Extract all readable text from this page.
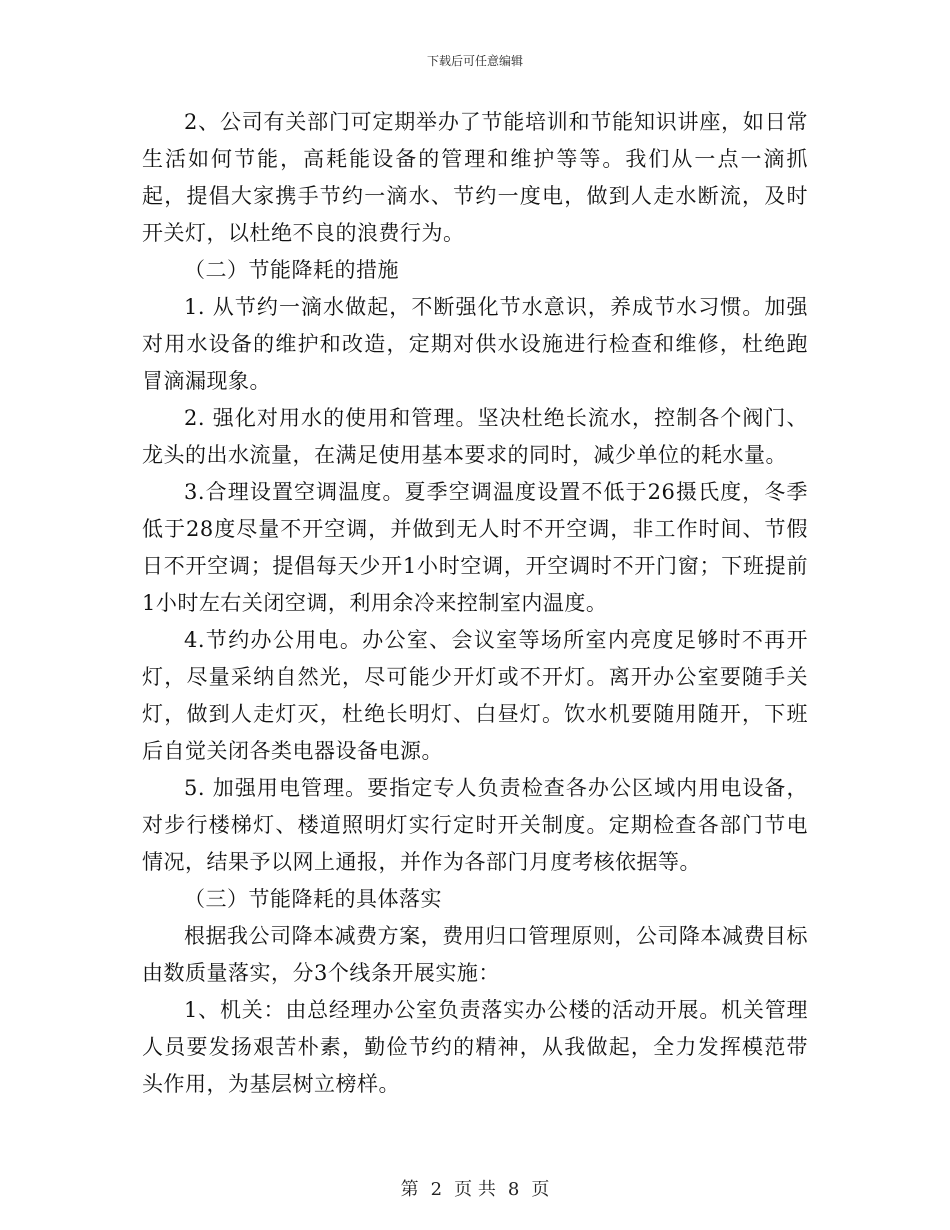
下载后可任意编辑

2、公司有关部门可定期举办了节能培训和节能知识讲座，如日常生活如何节能，高耗能设备的管理和维护等等。我们从一点一滴抓起，提倡大家携手节约一滴水、节约一度电，做到人走水断流，及时开关灯，以杜绝不良的浪费行为。

（二）节能降耗的措施

1. 从节约一滴水做起，不断强化节水意识，养成节水习惯。加强对用水设备的维护和改造，定期对供水设施进行检查和维修，杜绝跑冒滴漏现象。

2. 强化对用水的使用和管理。坚决杜绝长流水，控制各个阀门、龙头的出水流量，在满足使用基本要求的同时，减少单位的耗水量。

3.合理设置空调温度。夏季空调温度设置不低于26摄氏度，冬季低于28度尽量不开空调，并做到无人时不开空调，非工作时间、节假日不开空调；提倡每天少开1小时空调，开空调时不开门窗；下班提前1小时左右关闭空调，利用余冷来控制室内温度。

4.节约办公用电。办公室、会议室等场所室内亮度足够时不再开灯，尽量采纳自然光，尽可能少开灯或不开灯。离开办公室要随手关灯，做到人走灯灭，杜绝长明灯、白昼灯。饮水机要随用随开，下班后自觉关闭各类电器设备电源。

5. 加强用电管理。要指定专人负责检查各办公区域内用电设备，对步行楼梯灯、楼道照明灯实行定时开关制度。定期检查各部门节电情况，结果予以网上通报，并作为各部门月度考核依据等。

（三）节能降耗的具体落实

根据我公司降本减费方案，费用归口管理原则，公司降本减费目标由数质量落实，分3个线条开展实施：

1、机关：由总经理办公室负责落实办公楼的活动开展。机关管理人员要发扬艰苦朴素，勤俭节约的精神，从我做起，全力发挥模范带头作用，为基层树立榜样。

第 2 页 共 8 页
